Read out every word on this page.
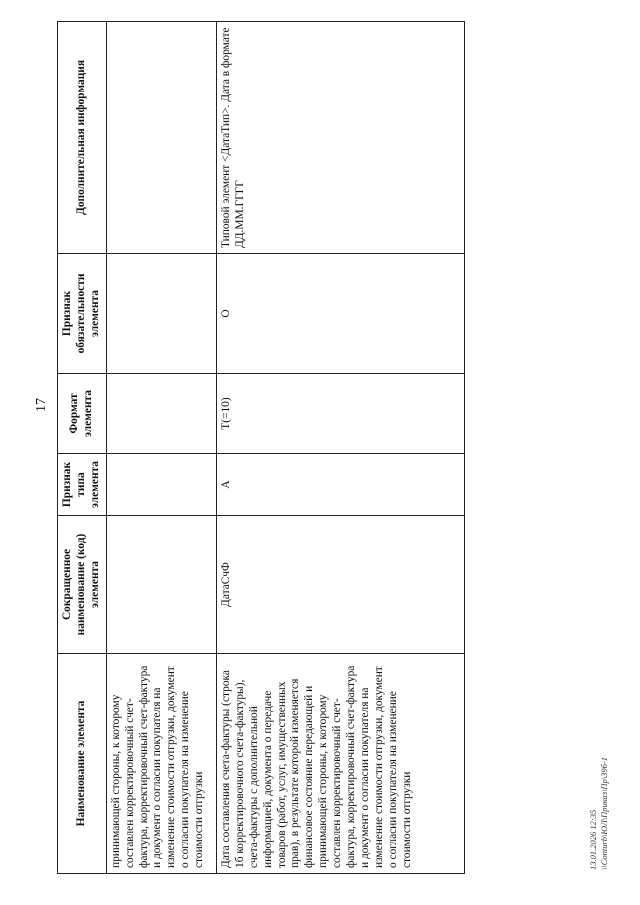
17
Наименование элемента	Сокращенное наименование (код) элемента	Признак типа элемента	Формат элемента	Признак обязательности элемента	Дополнительная информация
принимающей стороны, к которому составлен корректировочный счет-фактура, корректировочный счет-фактура и документ о согласии покупателя на изменение стоимости отгрузки, документ о согласии покупателя на изменение стоимости отгрузки					
Дата составления счета-фактуры (строка 1б корректировочного счета-фактуры), счета-фактуры с дополнительной информацией, документа о передаче товаров (работ, услуг, имущественных прав), в результате которой изменяется финансовое состояние передающей и принимающей стороны, к которому составлен корректировочный счет-фактура, корректировочный счет-фактура и документ о согласии покупателя на изменение стоимости отгрузки, документ о согласии покупателя на изменение стоимости отгрузки	ДатаСчФ	А	T(=10)	О	Типовой элемент <ДатаТип>. Дата в формате ДД.ММ.ГГГГ
13.01.2026 12:35 \\Conturb\ЮЛ\Приказ\Пр\39б-1
